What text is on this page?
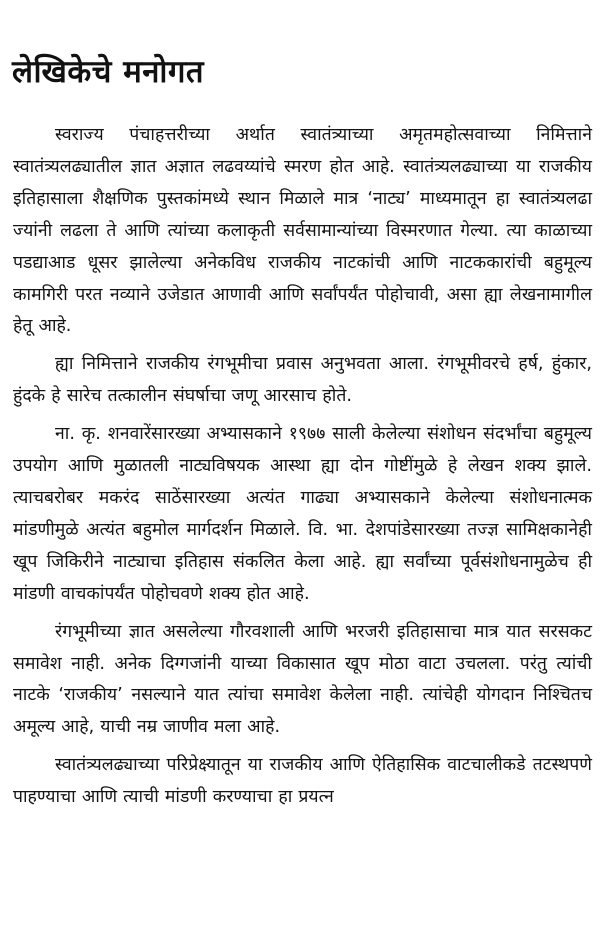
लेखिकेचे मनोगत

स्वराज्य पंचाहत्तरीच्या अर्थात स्वातंत्र्याच्या अमृतमहोत्सवाच्या निमित्ताने स्वातंत्र्यलढ्यातील ज्ञात अज्ञात लढवय्यांचे स्मरण होत आहे. स्वातंत्र्यलढ्याच्या या राजकीय इतिहासाला शैक्षणिक पुस्तकांमध्ये स्थान मिळाले मात्र ‘नाट्य’ माध्यमातून हा स्वातंत्र्यलढा ज्यांनी लढला ते आणि त्यांच्या कलाकृती सर्वसामान्यांच्या विस्मरणात गेल्या. त्या काळाच्या पडद्याआड धूसर झालेल्या अनेकविध राजकीय नाटकांची आणि नाटककारांची बहुमूल्य कामगिरी परत नव्याने उजेडात आणावी आणि सर्वांपर्यंत पोहोचावी, असा ह्या लेखनामागील हेतू आहे.

ह्या निमित्ताने राजकीय रंगभूमीचा प्रवास अनुभवता आला. रंगभूमीवरचे हर्ष, हुंकार, हुंदके हे सारेच तत्कालीन संघर्षाचा जणू आरसाच होते.

ना. कृ. शनवारेंसारख्या अभ्यासकाने १९७७ साली केलेल्या संशोधन संदर्भांचा बहुमूल्य उपयोग आणि मुळातली नाट्यविषयक आस्था ह्या दोन गोष्टींमुळे हे लेखन शक्य झाले. त्याचबरोबर मकरंद साठेंसारख्या अत्यंत गाढ्या अभ्यासकाने केलेल्या संशोधनात्मक मांडणीमुळे अत्यंत बहुमोल मार्गदर्शन मिळाले. वि. भा. देशपांडेसारख्या तज्ज्ञ सामिक्षकानेही खूप जिकिरीने नाट्याचा इतिहास संकलित केला आहे. ह्या सर्वांच्या पूर्वसंशोधनामुळेच ही मांडणी वाचकांपर्यंत पोहोचवणे शक्य होत आहे.

रंगभूमीच्या ज्ञात असलेल्या गौरवशाली आणि भरजरी इतिहासाचा मात्र यात सरसकट समावेश नाही. अनेक दिग्गजांनी याच्या विकासात खूप मोठा वाटा उचलला. परंतु त्यांची नाटके ‘राजकीय’ नसल्याने यात त्यांचा समावेश केलेला नाही. त्यांचेही योगदान निश्चितच अमूल्य आहे, याची नम्र जाणीव मला आहे.

स्वातंत्र्यलढ्याच्या परिप्रेक्ष्यातून या राजकीय आणि ऐतिहासिक वाटचालीकडे तटस्थपणे पाहण्याचा आणि त्याची मांडणी करण्याचा हा प्रयत्न
